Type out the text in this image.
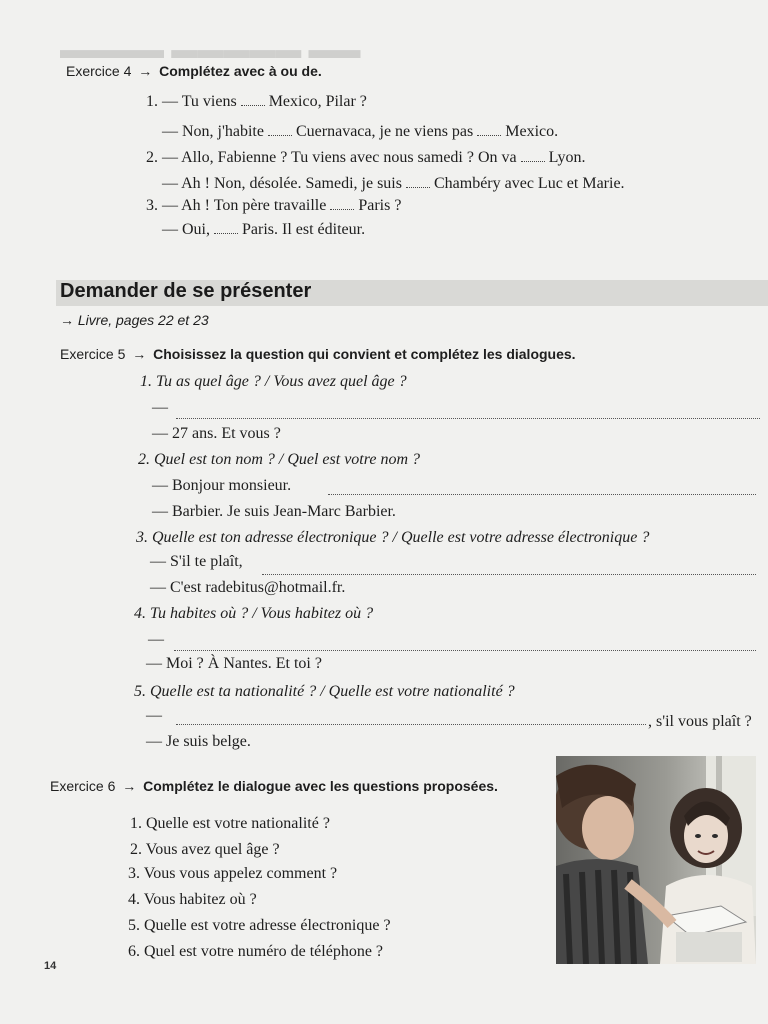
▬▬▬▬ ▬▬▬▬▬ ▬▬
Exercice 4 → Complétez avec à ou de.
1. — Tu viens Mexico, Pilar ?
— Non, j'habite Cuernavaca, je ne viens pas Mexico.
2. — Allo, Fabienne ? Tu viens avec nous samedi ? On va Lyon.
— Ah ! Non, désolée. Samedi, je suis Chambéry avec Luc et Marie.
3. — Ah ! Ton père travaille Paris ?
— Oui, Paris. Il est éditeur.
Demander de se présenter
→ Livre, pages 22 et 23
Exercice 5 → Choisissez la question qui convient et complétez les dialogues.
1. Tu as quel âge ? / Vous avez quel âge ?
—
— 27 ans. Et vous ?
2. Quel est ton nom ? / Quel est votre nom ?
— Bonjour monsieur.
— Barbier. Je suis Jean-Marc Barbier.
3. Quelle est ton adresse électronique ? / Quelle est votre adresse électronique ?
— S'il te plaît,
— C'est radebitus@hotmail.fr.
4. Tu habites où ? / Vous habitez où ?
—
— Moi ? À Nantes. Et toi ?
5. Quelle est ta nationalité ? / Quelle est votre nationalité ?
—	, s'il vous plaît ?
— Je suis belge.
Exercice 6 → Complétez le dialogue avec les questions proposées.
1. Quelle est votre nationalité ?
2. Vous avez quel âge ?
3. Vous vous appelez comment ?
4. Vous habitez où ?
5. Quelle est votre adresse électronique ?
6. Quel est votre numéro de téléphone ?
14
